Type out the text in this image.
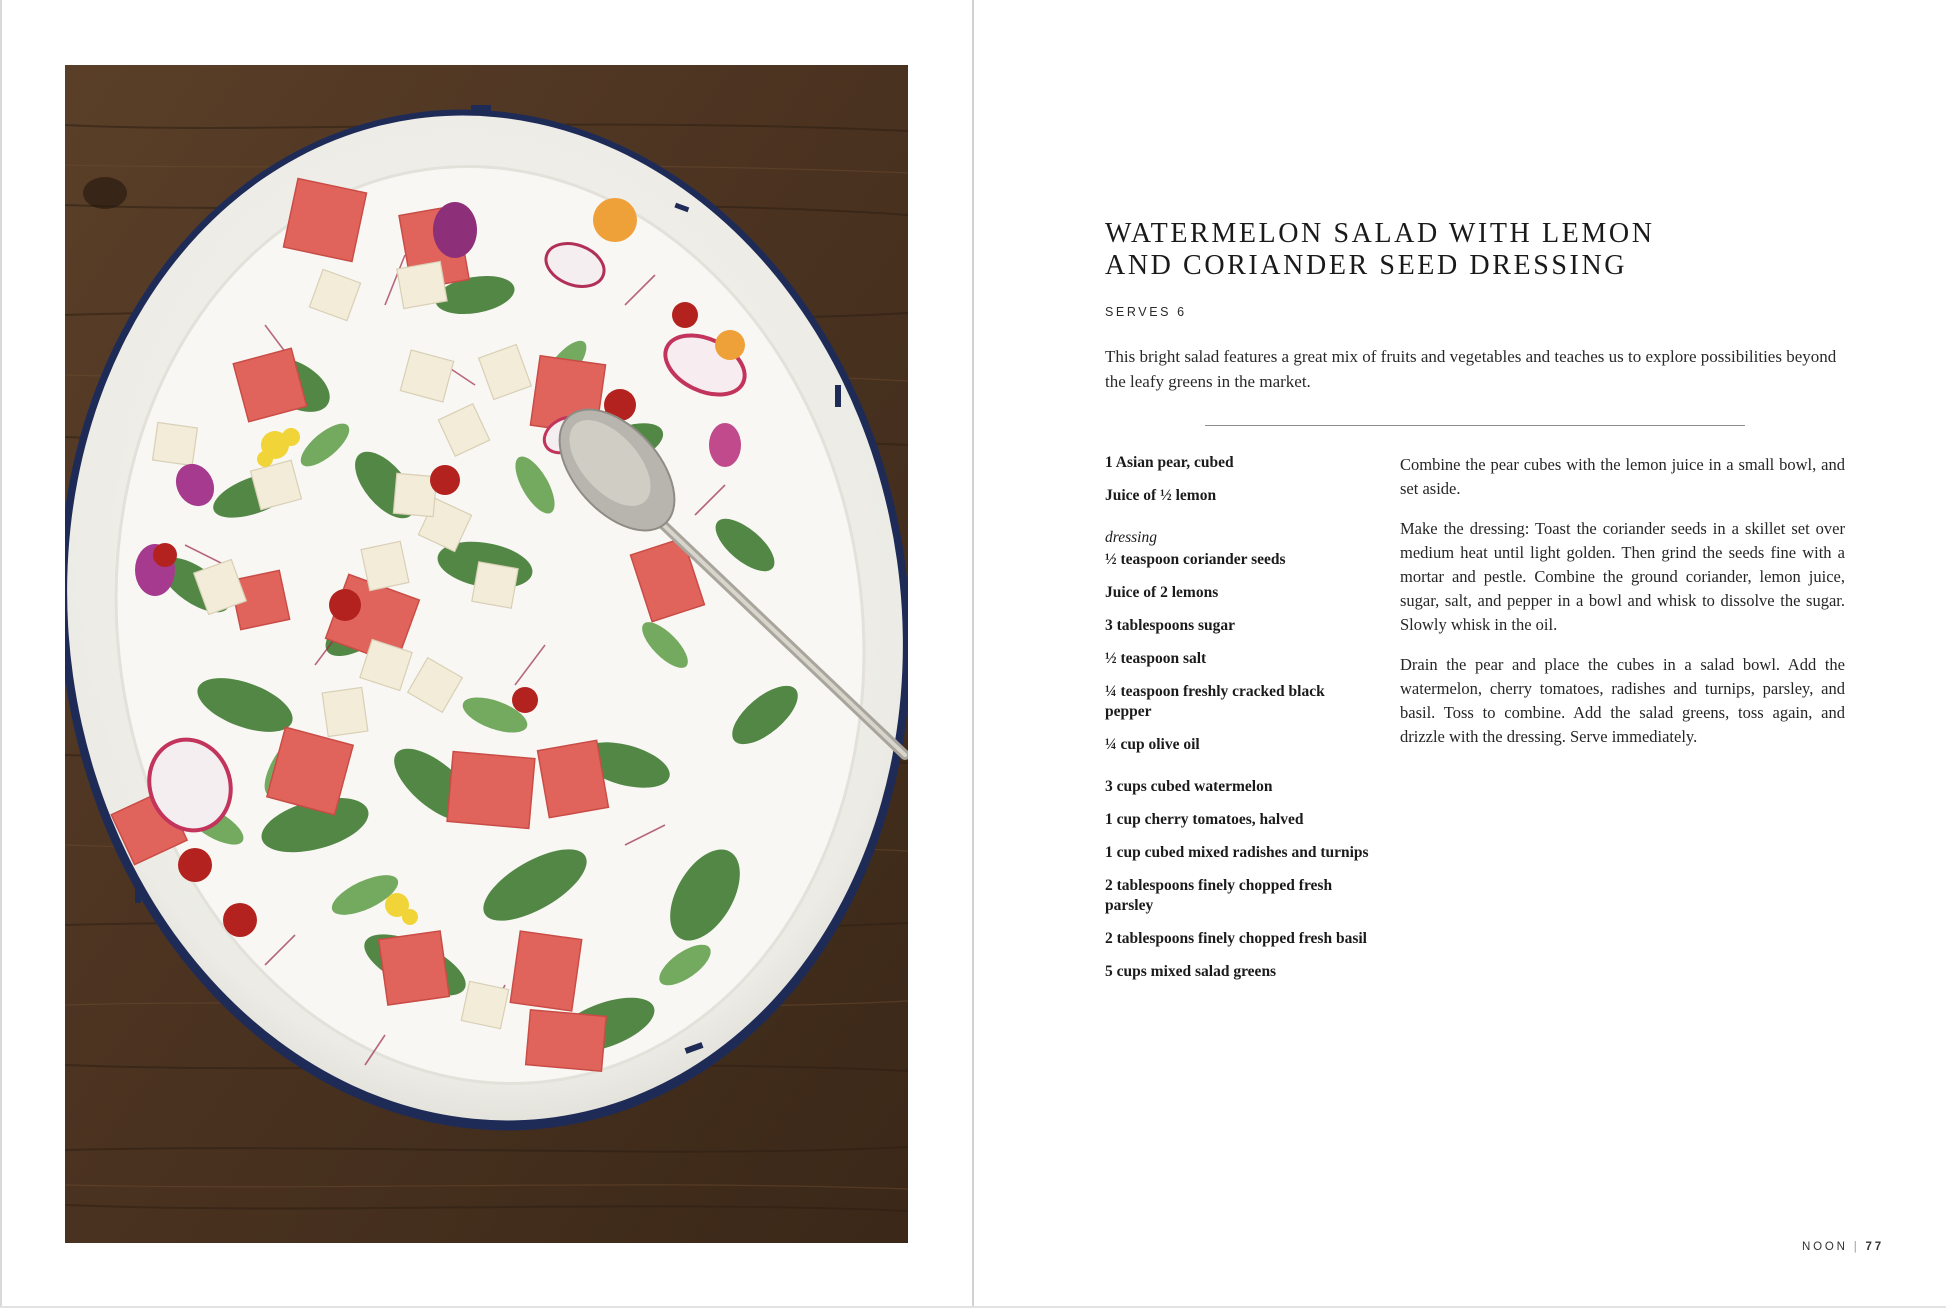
WATERMELON SALAD WITH LEMON
AND CORIANDER SEED DRESSING
SERVES 6

This bright salad features a great mix of fruits and vegetables and teaches us to explore possibilities beyond the leafy greens in the market.

1 Asian pear, cubed
Juice of ½ lemon
dressing
½ teaspoon coriander seeds
Juice of 2 lemons
3 tablespoons sugar
½ teaspoon salt
¼ teaspoon freshly cracked black pepper
¼ cup olive oil
3 cups cubed watermelon
1 cup cherry tomatoes, halved
1 cup cubed mixed radishes and turnips
2 tablespoons finely chopped fresh parsley
2 tablespoons finely chopped fresh basil
5 cups mixed salad greens

Combine the pear cubes with the lemon juice in a small bowl, and set aside.

Make the dressing: Toast the coriander seeds in a skillet set over medium heat until light golden. Then grind the seeds fine with a mortar and pestle. Combine the ground coriander, lemon juice, sugar, salt, and pepper in a bowl and whisk to dissolve the sugar. Slowly whisk in the oil.

Drain the pear and place the cubes in a salad bowl. Add the watermelon, cherry tomatoes, radishes and turnips, parsley, and basil. Toss to combine. Add the salad greens, toss again, and drizzle with the dressing. Serve immediately.

NOON | 77
